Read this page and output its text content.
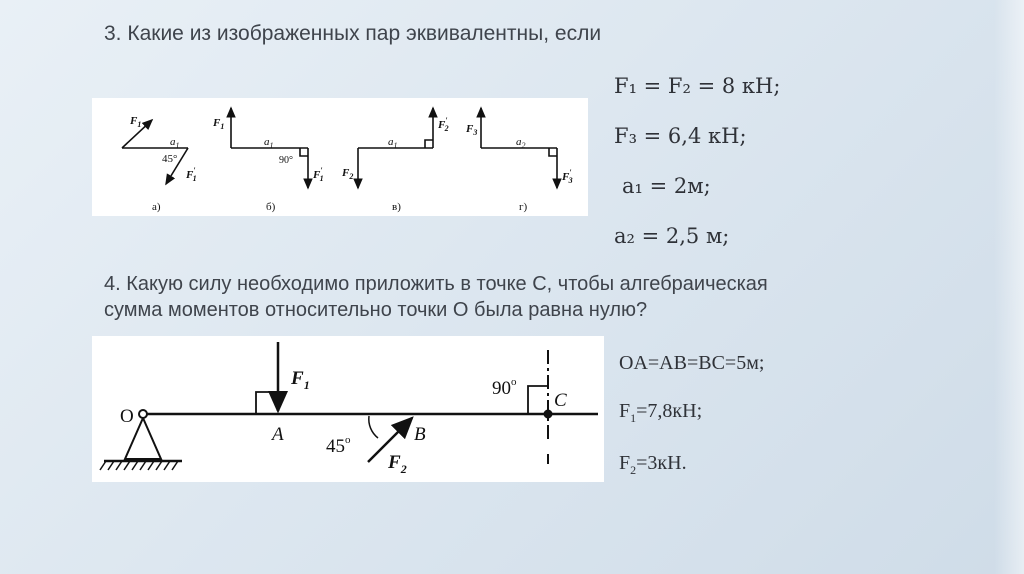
3. Какие из изображенных пар эквивалентны, если
F₁ = F₂ = 8 кН;
F₃ = 6,4 кН;
a₁ = 2м;
a₂ = 2,5 м;
$F_1$
$a_1$
45°
F′ 1
а)
$F_1$
$a_1$
90°
F′ 1
б)
$F_2$
$a_1$
F′ 2
в)
$F_3$
$a_2$
F′ 3
г)
4. Какую силу необходимо приложить в точке С, чтобы алгебраическая
сумма моментов относительно точки О была равна нулю?
OA=AB=BC=5м;
$F_1=7,8кН$;
$F_2=3кН$.
O
A	B
C
$F_1$
$F_2$
45$^o$
90$^o$
